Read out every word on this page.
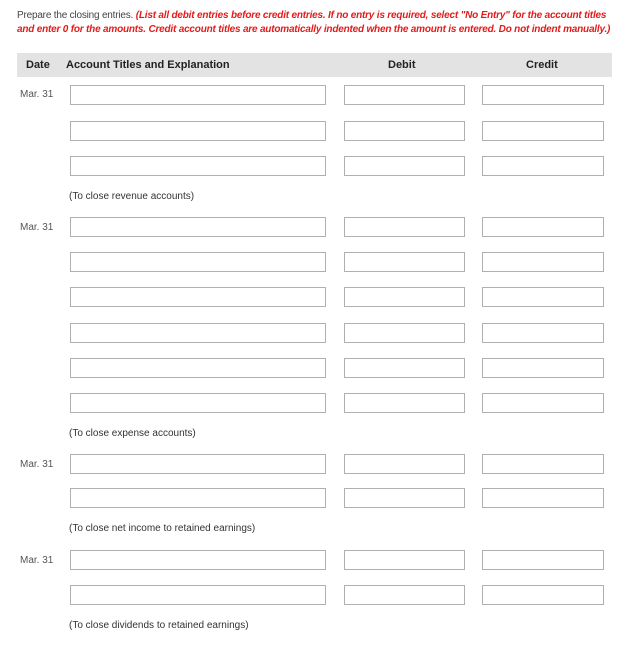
Prepare the closing entries. (List all debit entries before credit entries. If no entry is required, select "No Entry" for the account titles and enter 0 for the amounts. Credit account titles are automatically indented when the amount is entered. Do not indent manually.)
Date Account Titles and Explanation	Debit	Credit
Mar. 31
(To close revenue accounts)
Mar. 31
(To close expense accounts)
Mar. 31
(To close net income to retained earnings)
Mar. 31
(To close dividends to retained earnings)
